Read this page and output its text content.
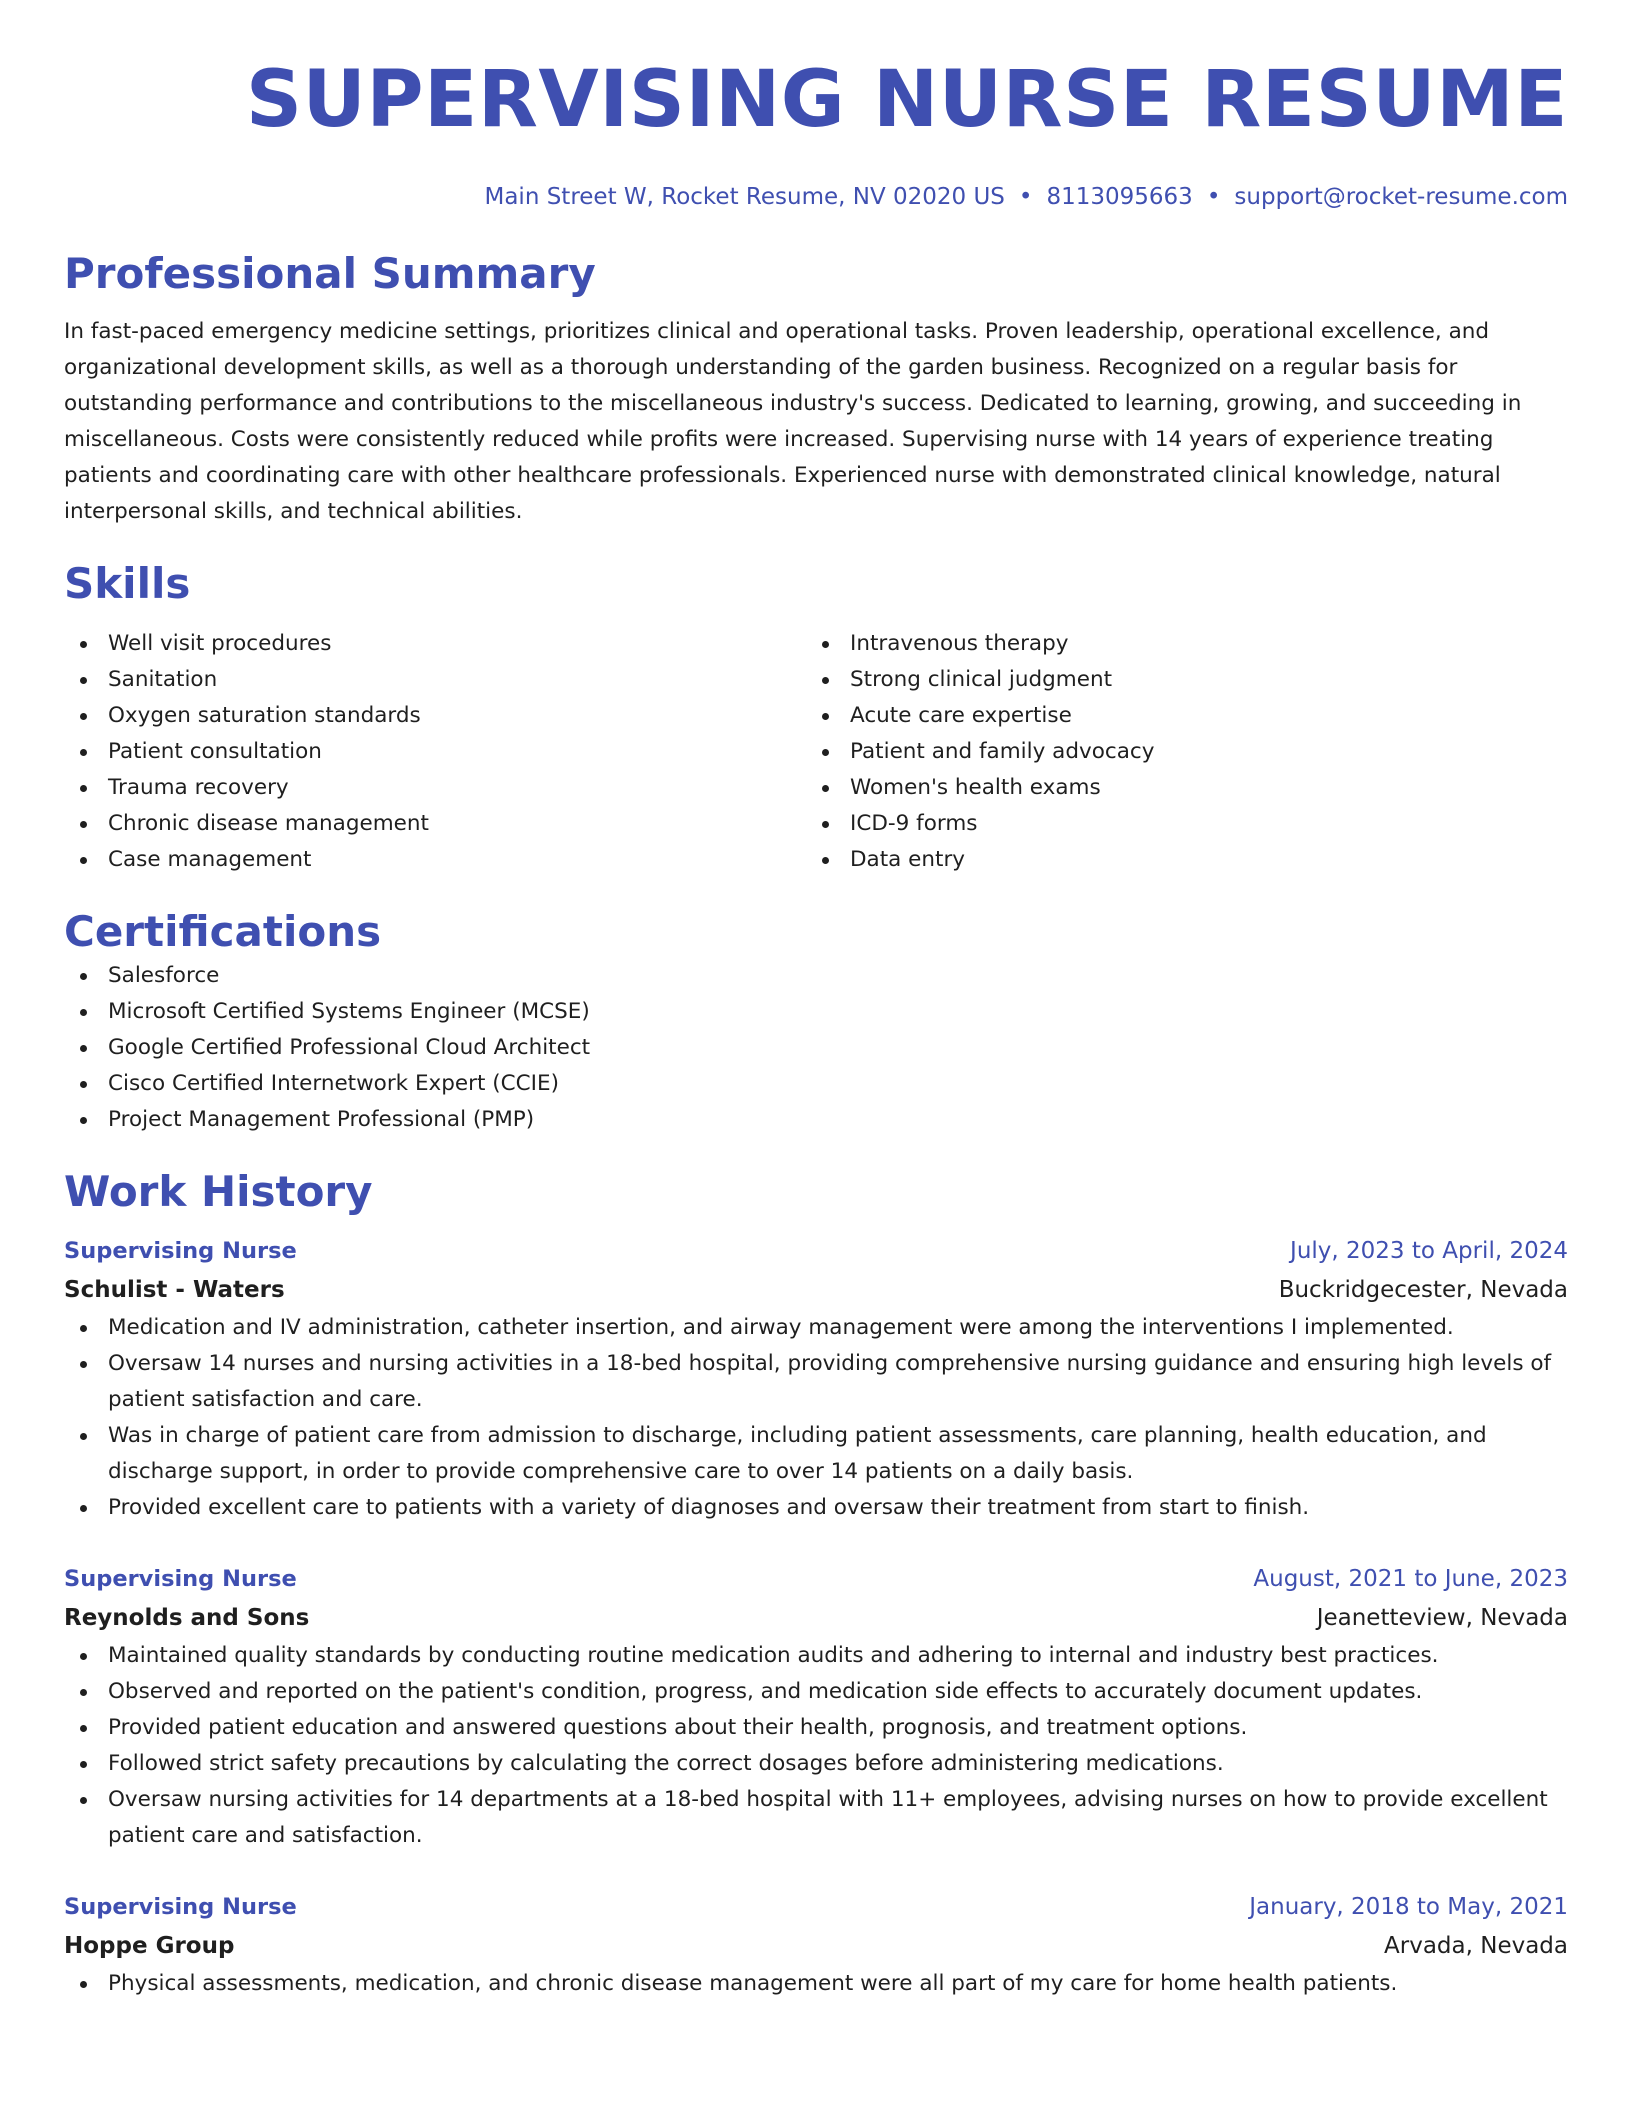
SUPERVISING NURSE RESUME
Main Street W, Rocket Resume, NV 02020 US • 8113095663 • support@rocket-resume.com
Professional Summary
In fast-paced emergency medicine settings, prioritizes clinical and operational tasks. Proven leadership, operational excellence, and organizational development skills, as well as a thorough understanding of the garden business. Recognized on a regular basis for outstanding performance and contributions to the miscellaneous industry's success. Dedicated to learning, growing, and succeeding in miscellaneous. Costs were consistently reduced while profits were increased. Supervising nurse with 14 years of experience treating patients and coordinating care with other healthcare professionals. Experienced nurse with demonstrated clinical knowledge, natural interpersonal skills, and technical abilities.
Skills
Well visit procedures
Sanitation
Oxygen saturation standards
Patient consultation
Trauma recovery
Chronic disease management
Case management
Intravenous therapy
Strong clinical judgment
Acute care expertise
Patient and family advocacy
Women's health exams
ICD-9 forms
Data entry
Certifications
Salesforce
Microsoft Certified Systems Engineer (MCSE)
Google Certified Professional Cloud Architect
Cisco Certified Internetwork Expert (CCIE)
Project Management Professional (PMP)
Work History
Supervising Nurse	July, 2023 to April, 2024
Schulist - Waters	Buckridgecester, Nevada
Medication and IV administration, catheter insertion, and airway management were among the interventions I implemented.
Oversaw 14 nurses and nursing activities in a 18-bed hospital, providing comprehensive nursing guidance and ensuring high levels of patient satisfaction and care.
Was in charge of patient care from admission to discharge, including patient assessments, care planning, health education, and discharge support, in order to provide comprehensive care to over 14 patients on a daily basis.
Provided excellent care to patients with a variety of diagnoses and oversaw their treatment from start to finish.
Supervising Nurse	August, 2021 to June, 2023
Reynolds and Sons	Jeanetteview, Nevada
Maintained quality standards by conducting routine medication audits and adhering to internal and industry best practices.
Observed and reported on the patient's condition, progress, and medication side effects to accurately document updates.
Provided patient education and answered questions about their health, prognosis, and treatment options.
Followed strict safety precautions by calculating the correct dosages before administering medications.
Oversaw nursing activities for 14 departments at a 18-bed hospital with 11+ employees, advising nurses on how to provide excellent patient care and satisfaction.
Supervising Nurse	January, 2018 to May, 2021
Hoppe Group	Arvada, Nevada
Physical assessments, medication, and chronic disease management were all part of my care for home health patients.
